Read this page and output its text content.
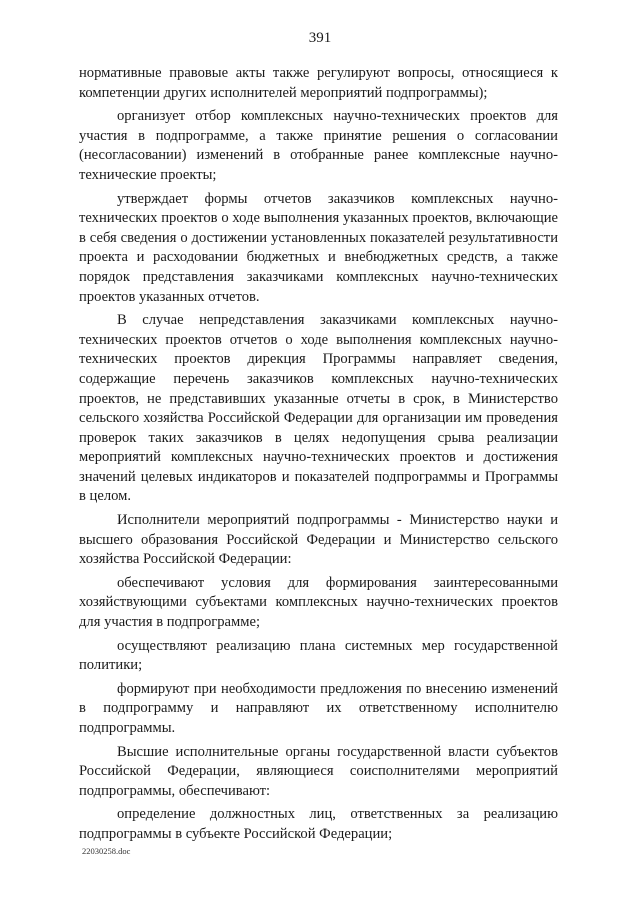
391

нормативные правовые акты также регулируют вопросы, относящиеся к компетенции других исполнителей мероприятий подпрограммы);

организует отбор комплексных научно-технических проектов для участия в подпрограмме, а также принятие решения о согласовании (несогласовании) изменений в отобранные ранее комплексные научно-технические проекты;

утверждает формы отчетов заказчиков комплексных научно-технических проектов о ходе выполнения указанных проектов, включающие в себя сведения о достижении установленных показателей результативности проекта и расходовании бюджетных и внебюджетных средств, а также порядок представления заказчиками комплексных научно-технических проектов указанных отчетов.

В случае непредставления заказчиками комплексных научно-технических проектов отчетов о ходе выполнения комплексных научно-технических проектов дирекция Программы направляет сведения, содержащие перечень заказчиков комплексных научно-технических проектов, не представивших указанные отчеты в срок, в Министерство сельского хозяйства Российской Федерации для организации им проведения проверок таких заказчиков в целях недопущения срыва реализации мероприятий комплексных научно-технических проектов и достижения значений целевых индикаторов и показателей подпрограммы и Программы в целом.

Исполнители мероприятий подпрограммы - Министерство науки и высшего образования Российской Федерации и Министерство сельского хозяйства Российской Федерации:

обеспечивают условия для формирования заинтересованными хозяйствующими субъектами комплексных научно-технических проектов для участия в подпрограмме;

осуществляют реализацию плана системных мер государственной политики;

формируют при необходимости предложения по внесению изменений в подпрограмму и направляют их ответственному исполнителю подпрограммы.

Высшие исполнительные органы государственной власти субъектов Российской Федерации, являющиеся соисполнителями мероприятий подпрограммы, обеспечивают:

определение должностных лиц, ответственных за реализацию подпрограммы в субъекте Российской Федерации;

22030258.doc
